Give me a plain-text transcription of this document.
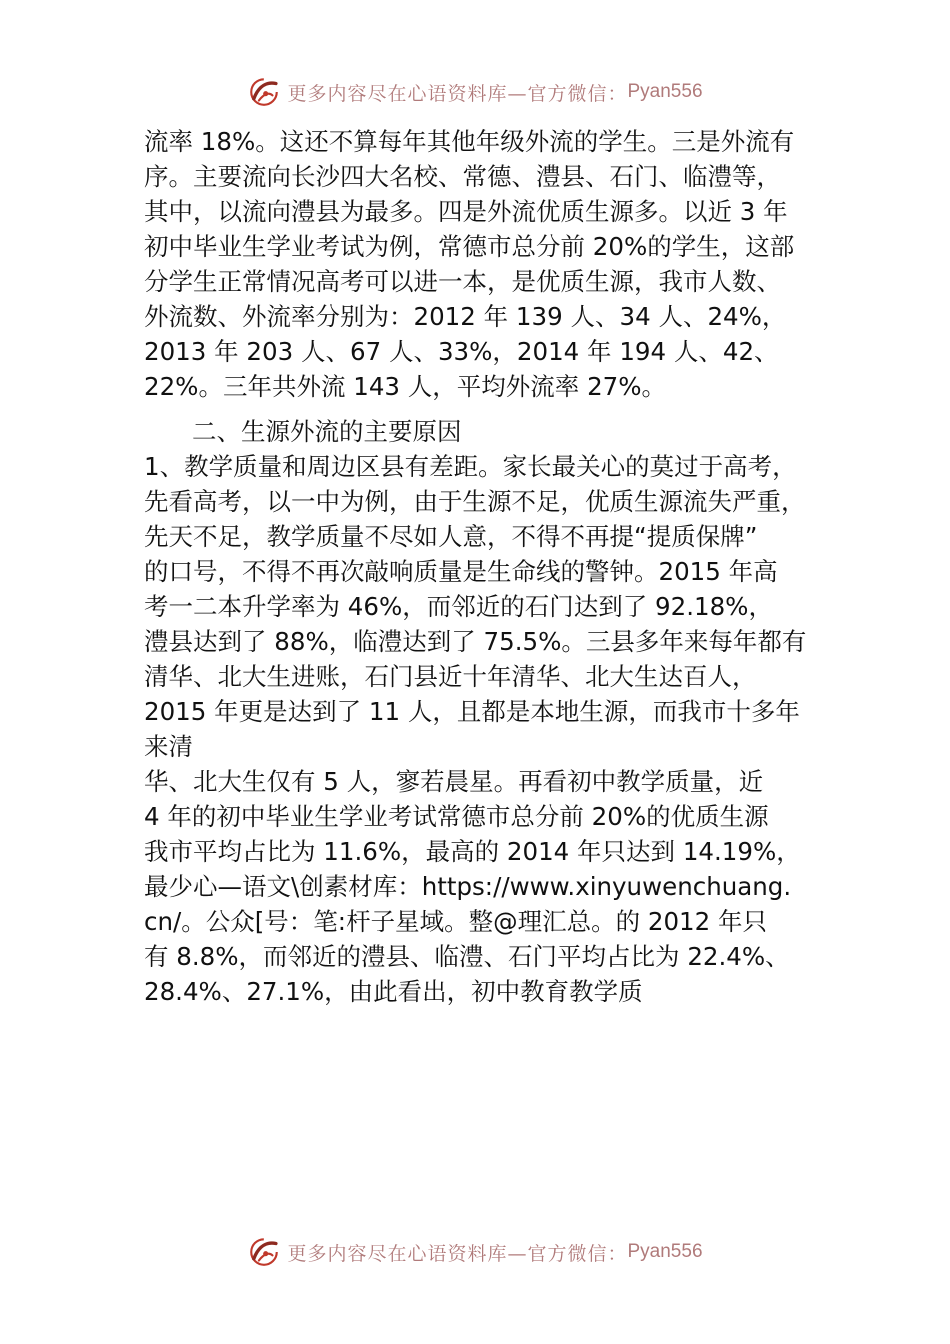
更多内容尽在心语资料库—官方微信： Pyan556
流率 18%。这还不算每年其他年级外流的学生。三是外流有
序。主要流向长沙四大名校、常德、澧县、石门、临澧等，
其中，以流向澧县为最多。四是外流优质生源多。以近 3 年
初中毕业生学业考试为例，常德市总分前 20%的学生，这部
分学生正常情况高考可以进一本，是优质生源，我市人数、
外流数、外流率分别为：2012 年 139 人、34 人、24%，
2013 年 203 人、67 人、33%，2014 年 194 人、42、
22%。三年共外流 143 人，平均外流率 27%。
二、生源外流的主要原因
1、教学质量和周边区县有差距。家长最关心的莫过于高考，
先看高考，以一中为例，由于生源不足，优质生源流失严重，
先天不足，教学质量不尽如人意，不得不再提“提质保牌”
的口号，不得不再次敲响质量是生命线的警钟。2015 年高
考一二本升学率为 46%，而邻近的石门达到了 92.18%，
澧县达到了 88%，临澧达到了 75.5%。三县多年来每年都有
清华、北大生进账，石门县近十年清华、北大生达百人，
2015 年更是达到了 11 人，且都是本地生源，而我市十多年
来清
华、北大生仅有 5 人，寥若晨星。再看初中教学质量，近
4 年的初中毕业生学业考试常德市总分前 20%的优质生源
我市平均占比为 11.6%，最高的 2014 年只达到 14.19%，
最少心—语文\创素材库：https://www.xinyuwenchuang.
cn/。公众[号：笔:杆子星域。整@理汇总。的 2012 年只
有 8.8%，而邻近的澧县、临澧、石门平均占比为 22.4%、
28.4%、27.1%，由此看出，初中教育教学质
更多内容尽在心语资料库—官方微信： Pyan556
